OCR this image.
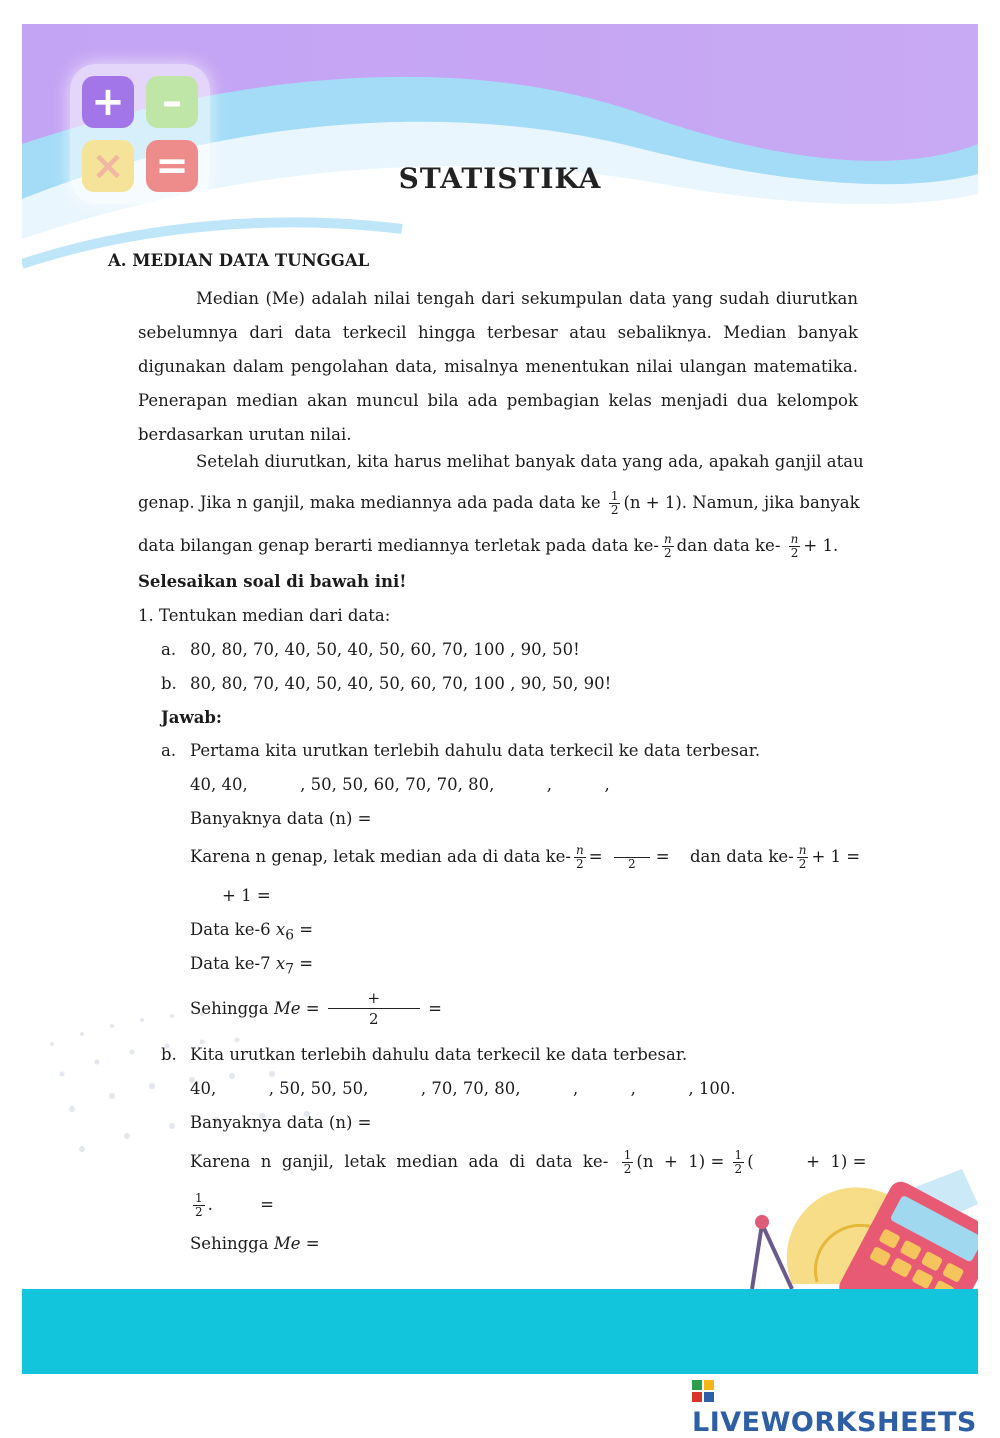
+ –
× =	STATISTIKA
A. MEDIAN DATA TUNGGAL
Median (Me) adalah nilai tengah dari sekumpulan data yang sudah diurutkan sebelumnya dari data terkecil hingga terbesar atau sebaliknya. Median banyak digunakan dalam pengolahan data, misalnya menentukan nilai ulangan matematika. Penerapan median akan muncul bila ada pembagian kelas menjadi dua kelompok berdasarkan urutan nilai.
Setelah diurutkan, kita harus melihat banyak data yang ada, apakah ganjil atau
genap. Jika n ganjil, maka mediannya ada pada data ke $\frac{1}{2} (n + 1)$. Namun, jika banyak
data bilangan genap berarti mediannya terletak pada data $ke- \frac{n}{2}$ dan data $ke- \frac{n}{2} + 1$.
Selesaikan soal di bawah ini!
1. Tentukan median dari data:
a. 80, 80, 70, 40, 50, 40, 50, 60, 70, 100 , 90, 50!
b. 80, 80, 70, 40, 50, 40, 50, 60, 70, 100 , 90, 50, 90!
Jawab:
a. Pertama kita urutkan terlebih dahulu data terkecil ke data terbesar.
40, 40,          , 50, 50, 60, 70, 70, 80,          ,          ,
Banyaknya data (n) =
Karena n genap, letak median ada di data $ke- \frac{n}{2}$ =
	2	= dan data $ke- \frac{n}{2} + 1$ =
+ 1 =
Data ke-6 $x_6$ =
Data ke-7 $x_7$ =
Sehingga $Me = \frac{+}{2}$ =
b. Kita urutkan terlebih dahulu data terkecil ke data terbesar.
40,          , 50, 50, 50,          , 70, 70, 80,          ,          ,          , 100.
Banyaknya data (n) =
Karena  n  ganjil,  letak  median  ada  di  data  $ke- \frac{1}{2} (n + 1) = \frac{1}{2}$ (          +  1) =
$\frac{1}{2}$ .	=
Sehingga Me =
LIVEWORKSHEETS
